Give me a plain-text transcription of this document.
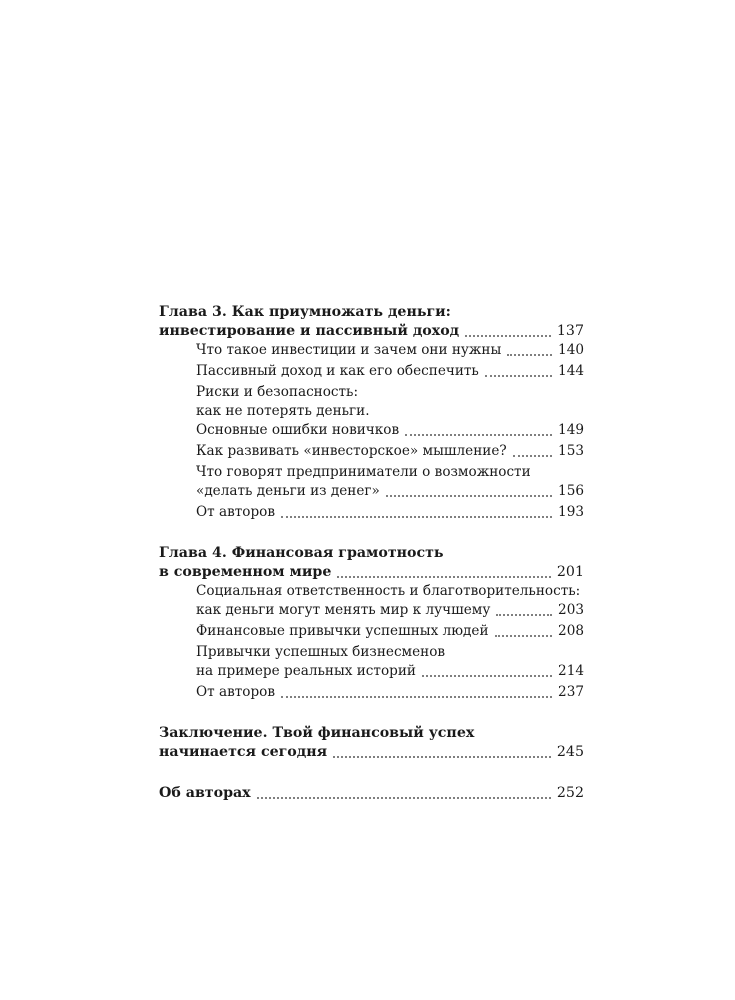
Глава 3. Как приумножать деньги:
инвестирование и пассивный доход	137
Что такое инвестиции и зачем они нужны	140
Пассивный доход и как его обеспечить	144
Риски и безопасность:
как не потерять деньги.
Основные ошибки новичков	149
Как развивать «инвесторское» мышление?	153
Что говорят предприниматели о возможности
«делать деньги из денег»	156
От авторов	193
Глава 4. Финансовая грамотность
в современном мире	201
Социальная ответственность и благотворительность:
как деньги могут менять мир к лучшему	203
Финансовые привычки успешных людей	208
Привычки успешных бизнесменов
на примере реальных историй	214
От авторов	237
Заключение. Твой финансовый успех
начинается сегодня	245
Об авторах	252
